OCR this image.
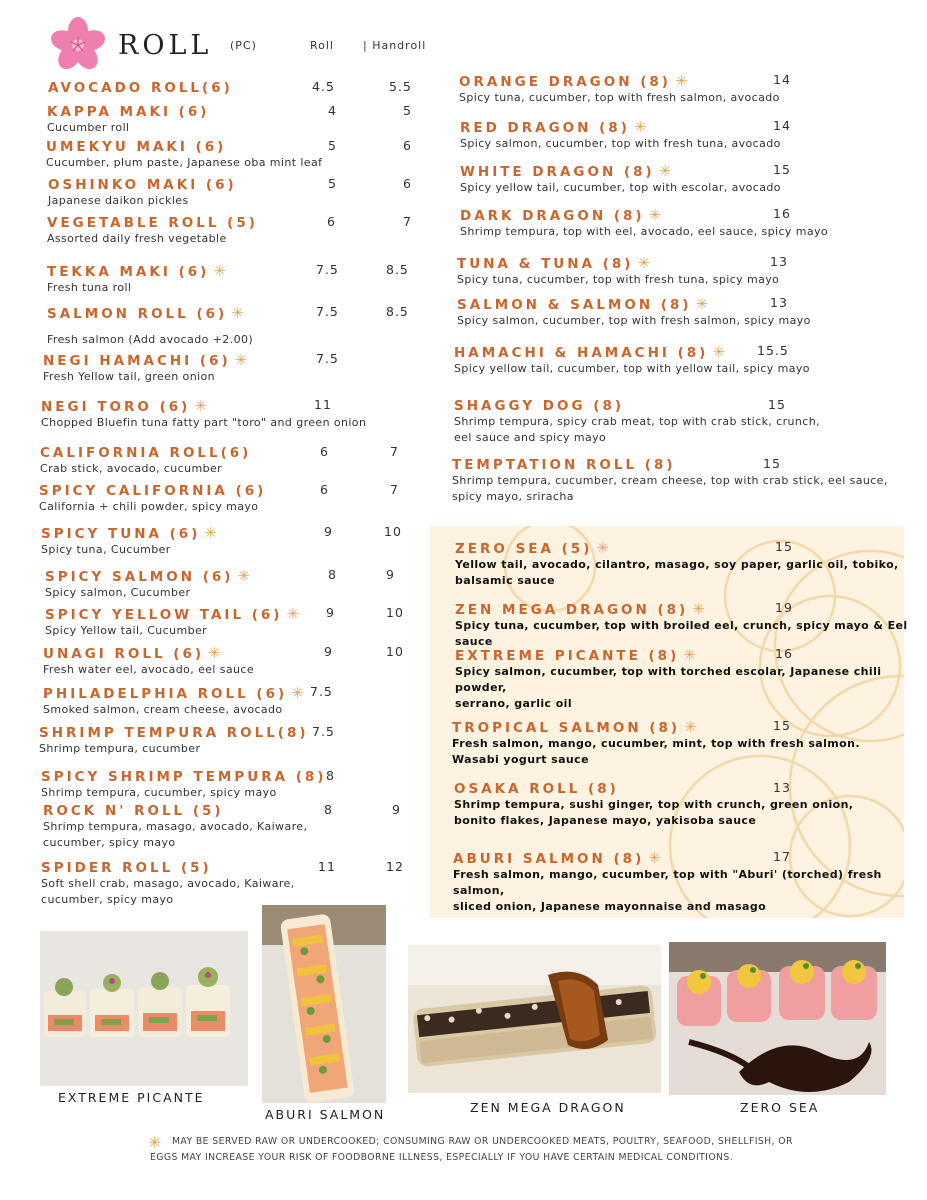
ROLL (PC)	Roll	| Handroll
AVOCADO ROLL(6)	4.5	5.5
KAPPA MAKI (6)
Cucumber roll
4	5
UMEKYU MAKI (6)
Cucumber, plum paste, Japanese oba mint leaf
5	6
OSHINKO MAKI (6)
Japanese daikon pickles
5	6
VEGETABLE ROLL (5)
Assorted daily fresh vegetable
6	7
TEKKA MAKI (6) ✳
Fresh tuna roll
7.5	8.5
SALMON ROLL (6) ✳
Fresh salmon (Add avocado +2.00)
7.5	8.5
NEGI HAMACHI (6) ✳
Fresh Yellow tail, green onion
7.5
NEGI TORO (6) ✳
Chopped Bluefin tuna fatty part "toro" and green onion
11
CALIFORNIA ROLL(6)
Crab stick, avocado, cucumber
6	7
SPICY CALIFORNIA (6)
California + chili powder, spicy mayo
6	7
SPICY TUNA (6) ✳
Spicy tuna, Cucumber
9	10
SPICY SALMON (6) ✳
Spicy salmon, Cucumber
8	9
SPICY YELLOW TAIL (6) ✳
Spicy Yellow tail, Cucumber
9	10
UNAGI ROLL (6) ✳
Fresh water eel, avocado, eel sauce
9	10
PHILADELPHIA ROLL (6) ✳
Smoked salmon, cream cheese, avocado
7.5
SHRIMP TEMPURA ROLL(8)
Shrimp tempura, cucumber
7.5
SPICY SHRIMP TEMPURA (8)
Shrimp tempura, cucumber, spicy mayo
8
ROCK N' ROLL (5)
Shrimp tempura, masago, avocado, Kaiware,
cucumber, spicy mayo
8	9
SPIDER ROLL (5)
Soft shell crab, masago, avocado, Kaiware,
cucumber, spicy mayo
11	12
ORANGE DRAGON (8) ✳
Spicy tuna, cucumber, top with fresh salmon, avocado
14
RED DRAGON (8) ✳
Spicy salmon, cucumber, top with fresh tuna, avocado
14
WHITE DRAGON (8) ✳
Spicy yellow tail, cucumber, top with escolar, avocado
15
DARK DRAGON (8) ✳
Shrimp tempura, top with eel, avocado, eel sauce, spicy mayo
16
TUNA & TUNA (8) ✳
Spicy tuna, cucumber, top with fresh tuna, spicy mayo
13
SALMON & SALMON (8) ✳
Spicy salmon, cucumber, top with fresh salmon, spicy mayo
13
HAMACHI & HAMACHI (8) ✳
Spicy yellow tail, cucumber, top with yellow tail, spicy mayo
15.5
SHAGGY DOG (8)
Shrimp tempura, spicy crab meat, top with crab stick, crunch,
eel sauce and spicy mayo
15
TEMPTATION ROLL (8)
Shrimp tempura, cucumber, cream cheese, top with crab stick, eel sauce,
spicy mayo, sriracha
15
ZERO SEA (5) ✳
Yellow tail, avocado, cilantro, masago, soy paper, garlic oil, tobiko,
balsamic sauce
15
ZEN MEGA DRAGON (8) ✳
Spicy tuna, cucumber, top with broiled eel, crunch, spicy mayo & Eel sauce
19
EXTREME PICANTE (8) ✳
Spicy salmon, cucumber, top with torched escolar, Japanese chili powder,
serrano, garlic oil
16
TROPICAL SALMON (8) ✳
Fresh salmon, mango, cucumber, mint, top with fresh salmon.
Wasabi yogurt sauce
15
OSAKA ROLL (8)
Shrimp tempura, sushi ginger, top with crunch, green onion,
bonito flakes, Japanese mayo, yakisoba sauce
13
ABURI SALMON (8) ✳
Fresh salmon, mango, cucumber, top with "Aburi' (torched) fresh salmon,
sliced onion, Japanese mayonnaise and masago
17
EXTREME PICANTE
ABURI SALMON	ZEN MEGA DRAGON	ZERO SEA
✳	MAY BE SERVED RAW OR UNDERCOOKED; CONSUMING RAW OR UNDERCOOKED MEATS, POULTRY, SEAFOOD, SHELLFISH, OR
EGGS MAY INCREASE YOUR RISK OF FOODBORNE ILLNESS, ESPECIALLY IF YOU HAVE CERTAIN MEDICAL CONDITIONS.
